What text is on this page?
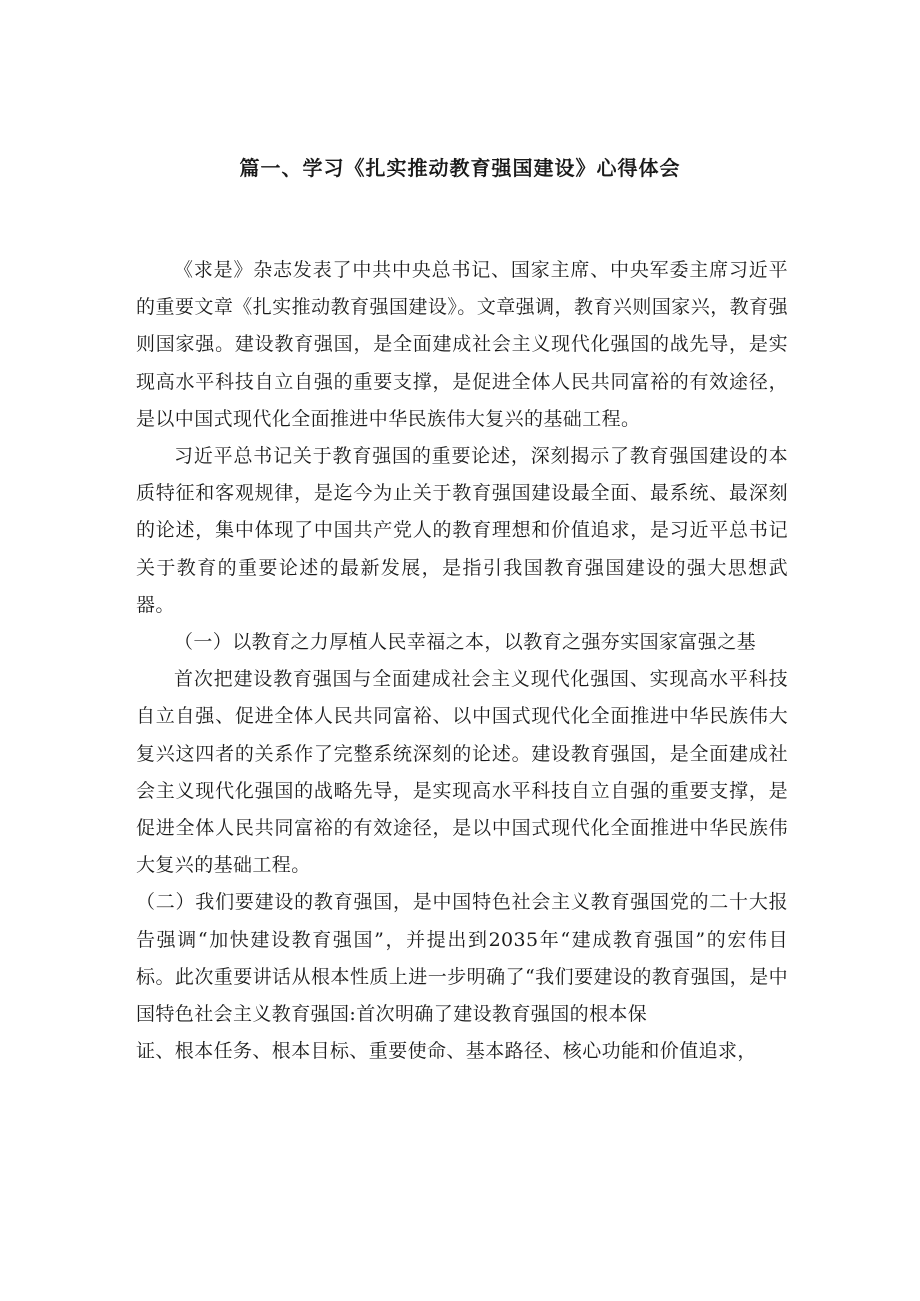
篇一、学习《扎实推动教育强国建设》心得体会

《求是》杂志发表了中共中央总书记、国家主席、中央军委主席习近平的重要文章《扎实推动教育强国建设》。文章强调，教育兴则国家兴，教育强则国家强。建设教育强国，是全面建成社会主义现代化强国的战先导，是实现高水平科技自立自强的重要支撑，是促进全体人民共同富裕的有效途径，是以中国式现代化全面推进中华民族伟大复兴的基础工程。

习近平总书记关于教育强国的重要论述，深刻揭示了教育强国建设的本质特征和客观规律，是迄今为止关于教育强国建设最全面、最系统、最深刻的论述，集中体现了中国共产党人的教育理想和价值追求，是习近平总书记关于教育的重要论述的最新发展，是指引我国教育强国建设的强大思想武器。

（一）以教育之力厚植人民幸福之本，以教育之强夯实国家富强之基

首次把建设教育强国与全面建成社会主义现代化强国、实现高水平科技自立自强、促进全体人民共同富裕、以中国式现代化全面推进中华民族伟大复兴这四者的关系作了完整系统深刻的论述。建设教育强国，是全面建成社会主义现代化强国的战略先导，是实现高水平科技自立自强的重要支撑，是促进全体人民共同富裕的有效途径，是以中国式现代化全面推进中华民族伟大复兴的基础工程。

（二）我们要建设的教育强国，是中国特色社会主义教育强国党的二十大报告强调“加快建设教育强国”，并提出到2035年“建成教育强国”的宏伟目标。此次重要讲话从根本性质上进一步明确了“我们要建设的教育强国，是中国特色社会主义教育强国:首次明确了建设教育强国的根本保

证、根本任务、根本目标、重要使命、基本路径、核心功能和价值追求，
